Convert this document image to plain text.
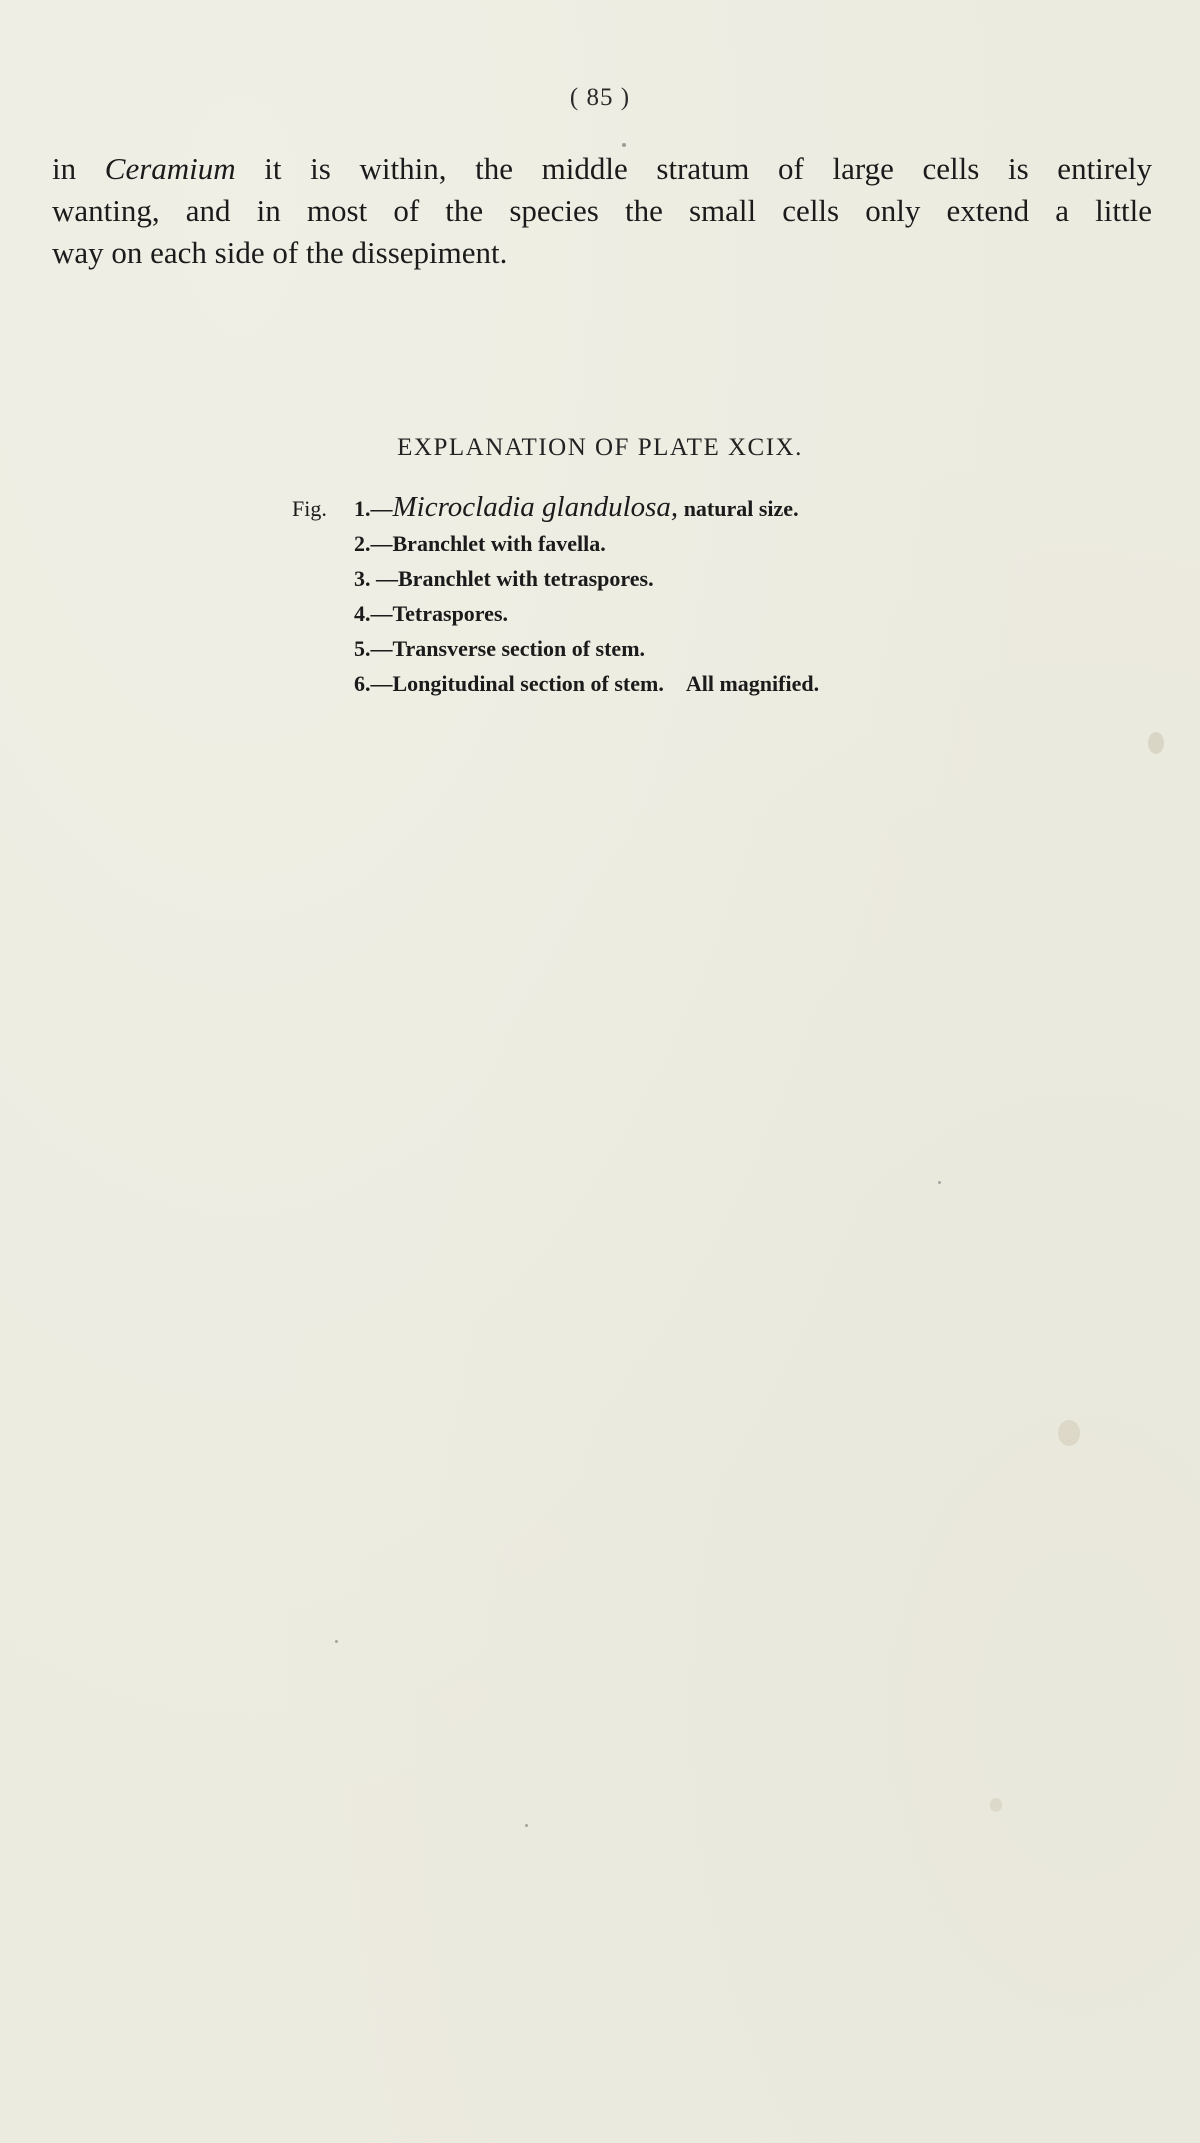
( 85 )
in Ceramium it is within, the middle stratum of large cells is entirely
wanting, and in most of the species the small cells only extend a little
way on each side of the dissepiment.
EXPLANATION OF PLATE XCIX.
Fig. 1.—Microcladia glandulosa, natural size.
2.—Branchlet with favella.
3. —Branchlet with tetraspores.
4.—Tetraspores.
5.—Transverse section of stem.
6.—Longitudinal section of stem. All magnified.
